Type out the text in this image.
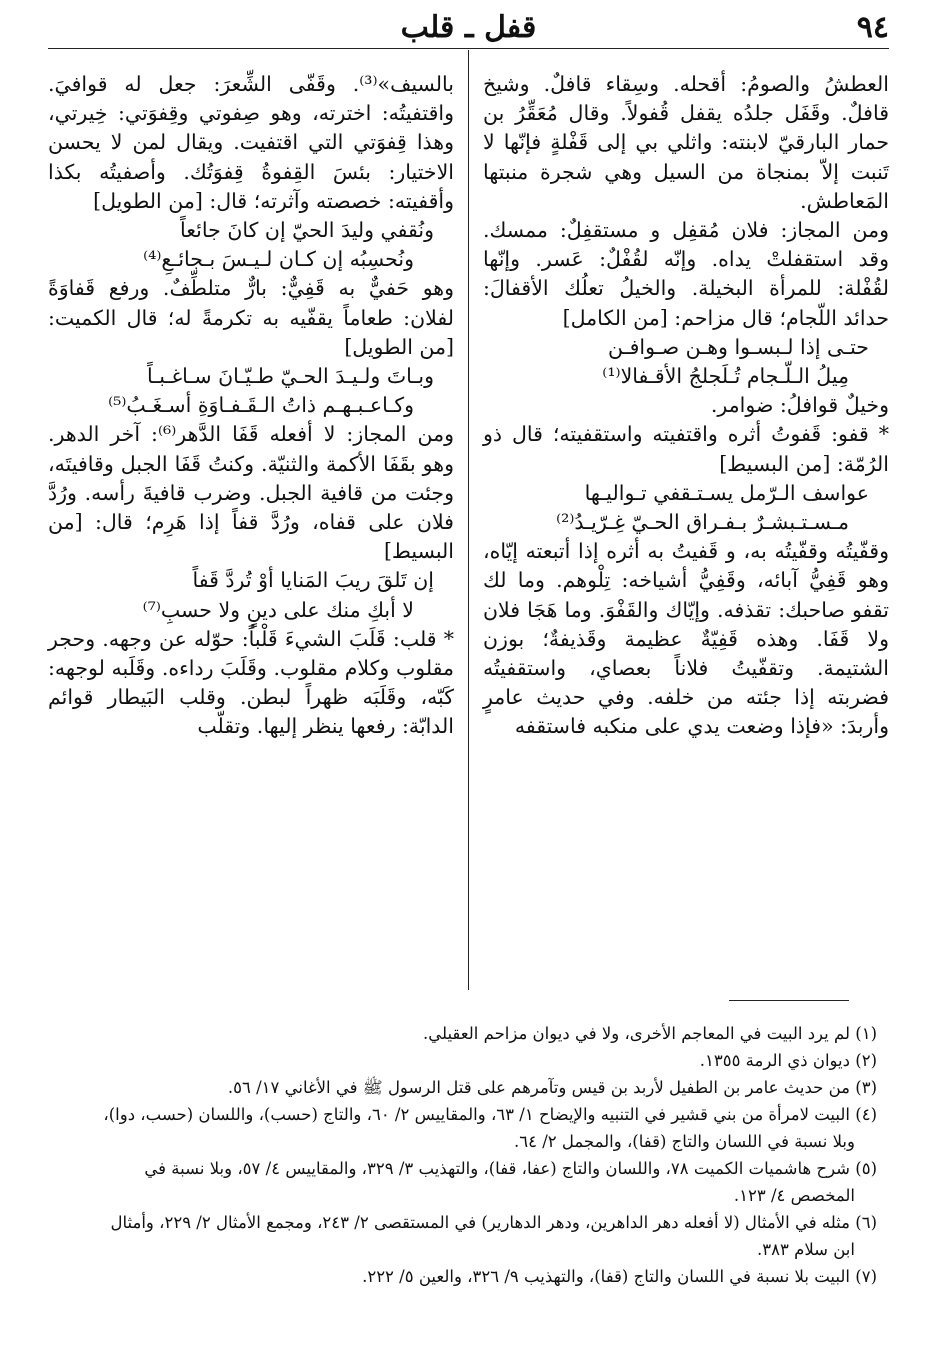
٩٤
قفل ـ قلب

العطشُ والصومُ: أقحله. وسِقاء قافلٌ. وشيخ قافلٌ. وقَفَل جلدُه يقفل قُفولاً. وقال مُعَقِّرُ بن حمار البارقيّ لابنته: واثلي بي إلى قَفْلةٍ فإنّها لا تَنبت إلاّ بمنجاة من السيل وهي شجرة منبتها المَعاطش.

ومن المجاز: فلان مُقفِل و مستقفِلٌ: ممسك. وقد استقفلتْ يداه. وإنّه لقُفْلٌ: عَسر. وإنّها لقُفْلة: للمرأة البخيلة. والخيلُ تعلُك الأقفالَ: حدائد اللّجام؛ قال مزاحم: [من الكامل]

حتـى إذا لـبسـوا وهـن صـوافـن

مِيلُ الـلّـجام تُـلَجلجُ الأقـفالا⁽¹⁾

وخيلٌ قوافلُ: ضوامر.

* قفو: قَفوتُ أثره واقتفيته واستقفيته؛ قال ذو الرُمّة: [من البسيط]

عواسف الـرّمل يسـتـقفي تـواليـها

مـسـتـبشـرٌ بـفـراق الحـيّ غِـرّيـدُ⁽²⁾

وقفّيتُه وقفّيتُه به، و قَفيتُ به أثره إذا أتبعته إيّاه، وهو قَفِيُّ آبائه، وقَفِيُّ أشياخه: تِلْوهم. وما لك تقفو صاحبك: تقذفه. وإيّاك والقَفْوَ. وما هَجَا فلان ولا قَفَا. وهذه قَفِيّةٌ عظيمة وقَذيفةٌ؛ بوزن الشتيمة. وتقفّيتُ فلاناً بعصاي، واستقفيتُه فضربته إذا جئته من خلفه. وفي حديث عامرٍ وأربدَ: «فإذا وضعت يدي على منكبه فاستقفه

بالسيف»⁽³⁾. وقَفّى الشِّعرَ: جعل له قوافيَ. واقتفيتُه: اخترته، وهو صِفوتي وقِفوَتي: خِيرتي، وهذا قِفوَتي التي اقتفيت. ويقال لمن لا يحسن الاختيار: بئسَ القِفوةُ قِفوَتُك. وأصفيتُه بكذا وأقفيته: خصصته وآثرته؛ قال: [من الطويل]

ونُقفي وليدَ الحيّ إن كانَ جائعاً

ونُحسِبُه إن كـان لـيـسَ بـجائـعِ⁽⁴⁾

وهو حَفيٌّ به قَفِيٌّ: بارٌّ متلطِّفٌ. ورفع قَفاوَةً لفلان: طعاماً يقفّيه به تكرمةً له؛ قال الكميت: [من الطويل]

وبـاتَ ولـيـدَ الحـيّ طـيّـانَ سـاغـبـاً

وكـاعـبـهـم ذاتُ الـقَـفـاوَةِ أسـغَـبُ⁽⁵⁾

ومن المجاز: لا أفعله قَفَا الدَّهر⁽⁶⁾: آخر الدهر. وهو بقَفَا الأكمة والثنيّة. وكنتُ قَفَا الجبل وقافيتَه، وجئت من قافية الجبل. وضرب قافيةَ رأسه. ورُدَّ فلان على قفاه، ورُدَّ قفاً إذا هَرِم؛ قال: [من البسيط]

إن تَلقَ ريبَ المَنايا أوْ تُردَّ قَفاً

لا أبكِ منك على دينٍ ولا حسبِ⁽⁷⁾

* قلب: قَلَبَ الشيءَ قَلْباً: حوّله عن وجهه. وحجر مقلوب وكلام مقلوب. وقَلَبَ رداءه. وقَلَبه لوجهه: كَبّه، وقَلَبَه ظهراً لبطن. وقلب البَيطار قوائم الدابّة: رفعها ينظر إليها. وتقلّب

(١) لم يرد البيت في المعاجم الأخرى، ولا في ديوان مزاحم العقيلي.

(٢) ديوان ذي الرمة ١٣٥٥.

(٣) من حديث عامر بن الطفيل لأربد بن قيس وتآمرهم على قتل الرسول ﷺ في الأغاني ١٧/ ٥٦.

(٤) البيت لامرأة من بني قشير في التنبيه والإيضاح ١/ ٦٣، والمقاييس ٢/ ٦٠، والتاج (حسب)، واللسان (حسب، دوا)،

وبلا نسبة في اللسان والتاج (قفا)، والمجمل ٢/ ٦٤.

(٥) شرح هاشميات الكميت ٧٨، واللسان والتاج (عفا، قفا)، والتهذيب ٣/ ٣٢٩، والمقاييس ٤/ ٥٧، وبلا نسبة في

المخصص ٤/ ١٢٣.

(٦) مثله في الأمثال (لا أفعله دهر الداهرين، ودهر الدهارير) في المستقصى ٢/ ٢٤٣، ومجمع الأمثال ٢/ ٢٢٩، وأمثال

ابن سلام ٣٨٣.

(٧) البيت بلا نسبة في اللسان والتاج (قفا)، والتهذيب ٩/ ٣٢٦، والعين ٥/ ٢٢٢.
